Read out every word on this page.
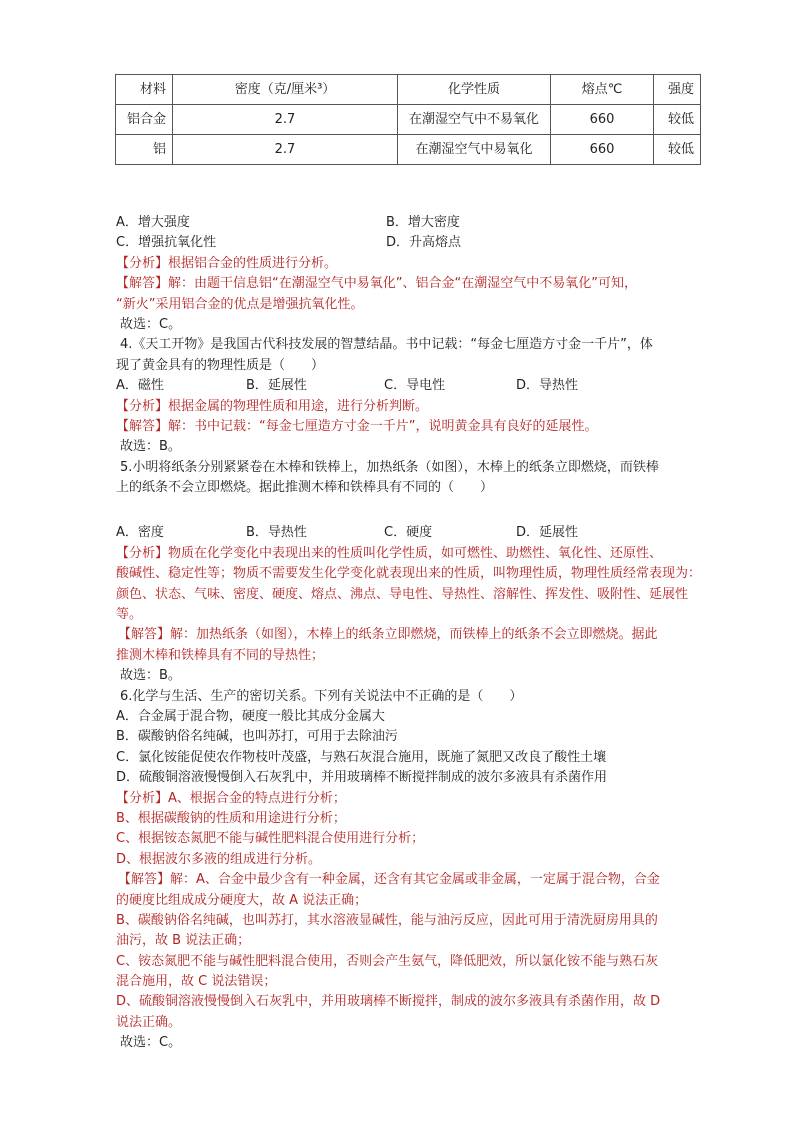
材料	密度（克/厘米³）	化学性质	熔点℃	强度
铝合金	2.7	在潮湿空气中不易氧化	660	较低
铝	2.7	在潮湿空气中易氧化	660	较低
A．增大强度	B．增大密度
C．增强抗氧化性	D．升高熔点
【分析】根据铝合金的性质进行分析。
【解答】解：由题干信息铝“在潮湿空气中易氧化”、铝合金“在潮湿空气中不易氧化”可知，
“新火”采用铝合金的优点是增强抗氧化性。
故选：C。
4.《天工开物》是我国古代科技发展的智慧结晶。书中记载：“每金七厘造方寸金一千片”，体
现了黄金具有的物理性质是（　　）
A．磁性	B．延展性	C．导电性	D．导热性
【分析】根据金属的物理性质和用途，进行分析判断。
【解答】解：书中记载：“每金七厘造方寸金一千片”，说明黄金具有良好的延展性。
故选：B。
5.小明将纸条分别紧紧卷在木棒和铁棒上，加热纸条（如图），木棒上的纸条立即燃烧，而铁棒
上的纸条不会立即燃烧。据此推测木棒和铁棒具有不同的（　　）
A．密度	B．导热性	C．硬度	D．延展性
【分析】物质在化学变化中表现出来的性质叫化学性质，如可燃性、助燃性、氧化性、还原性、
酸碱性、稳定性等；物质不需要发生化学变化就表现出来的性质，叫物理性质，物理性质经常表现为：
颜色、状态、气味、密度、硬度、熔点、沸点、导电性、导热性、溶解性、挥发性、吸附性、延展性
等。
【解答】解：加热纸条（如图），木棒上的纸条立即燃烧，而铁棒上的纸条不会立即燃烧。据此
推测木棒和铁棒具有不同的导热性；
故选：B。
6.化学与生活、生产的密切关系。下列有关说法中不正确的是（　　）
A．合金属于混合物，硬度一般比其成分金属大
B．碳酸钠俗名纯碱，也叫苏打，可用于去除油污
C．氯化铵能促使农作物枝叶茂盛，与熟石灰混合施用，既施了氮肥又改良了酸性土壤
D．硫酸铜溶液慢慢倒入石灰乳中，并用玻璃棒不断搅拌制成的波尔多液具有杀菌作用
【分析】A、根据合金的特点进行分析；
B、根据碳酸钠的性质和用途进行分析；
C、根据铵态氮肥不能与碱性肥料混合使用进行分析；
D、根据波尔多液的组成进行分析。
【解答】解：A、合金中最少含有一种金属，还含有其它金属或非金属，一定属于混合物，合金
的硬度比组成成分硬度大，故 A 说法正确；
B、碳酸钠俗名纯碱，也叫苏打，其水溶液显碱性，能与油污反应，因此可用于清洗厨房用具的
油污，故 B 说法正确；
C、铵态氮肥不能与碱性肥料混合使用，否则会产生氨气，降低肥效，所以氯化铵不能与熟石灰
混合施用，故 C 说法错误；
D、硫酸铜溶液慢慢倒入石灰乳中，并用玻璃棒不断搅拌，制成的波尔多液具有杀菌作用，故 D
说法正确。
故选：C。
